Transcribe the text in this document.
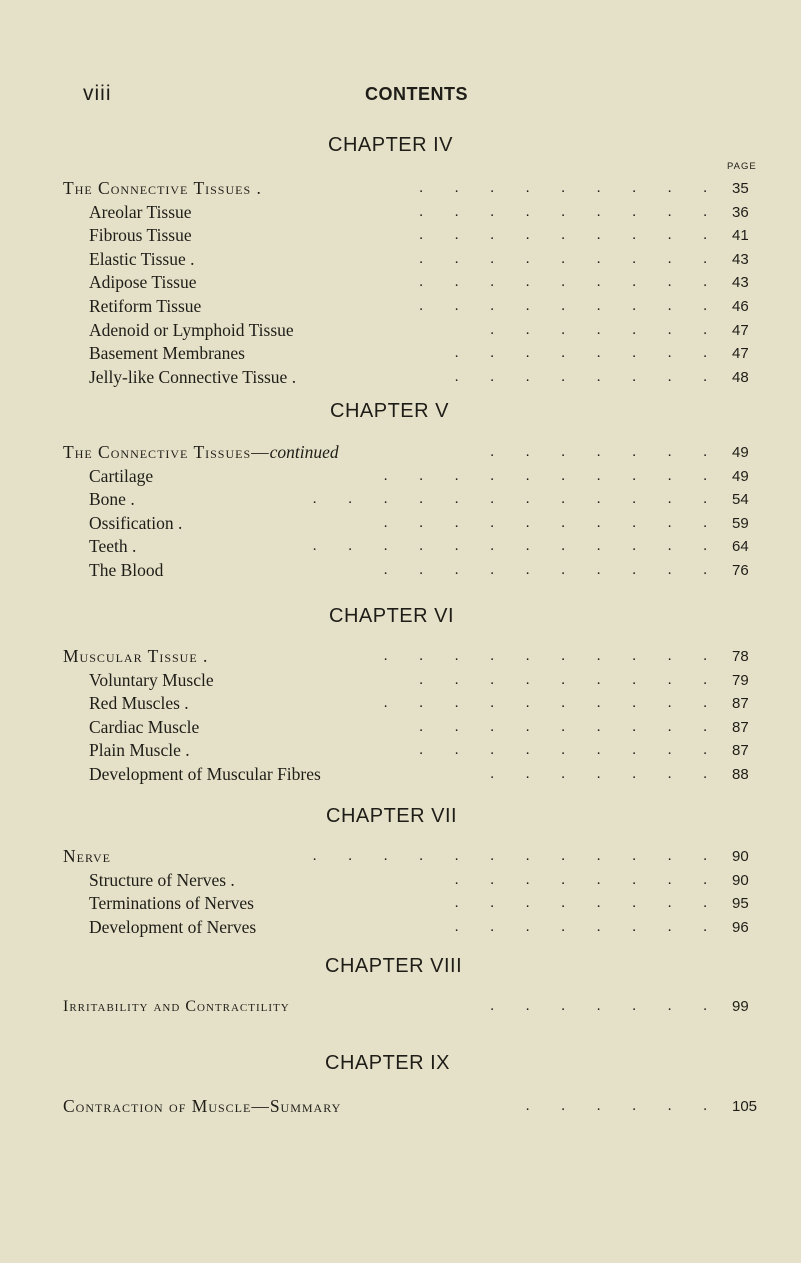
viii	CONTENTS
CHAPTER IV
PAGE
The Connective Tissues .	. . . . . . . . . 35
Areolar Tissue	. . . . . . . . . 36
Fibrous Tissue	. . . . . . . . . 41
Elastic Tissue .	. . . . . . . . . 43
Adipose Tissue	. . . . . . . . . 43
Retiform Tissue	. . . . . . . . . 46
Adenoid or Lymphoid Tissue	. . . . . . . 47
Basement Membranes	. . . . . . . . 47
Jelly-like Connective Tissue .	. . . . . . . . 48
CHAPTER V
The Connective Tissues—continued	. . . . . . . 49
Cartilage	. . . . . . . . . . 49
Bone .	. . . . . . . . . . . . 54
Ossification .	. . . . . . . . . . 59
Teeth .	. . . . . . . . . . . . 64
The Blood	. . . . . . . . . . 76
CHAPTER VI
Muscular Tissue .	. . . . . . . . . . 78
Voluntary Muscle	. . . . . . . . . 79
Red Muscles .	. . . . . . . . . . 87
Cardiac Muscle	. . . . . . . . . 87
Plain Muscle .	. . . . . . . . . 87
Development of Muscular Fibres	. . . . . . . 88
CHAPTER VII
Nerve	. . . . . . . . . . . . 90
Structure of Nerves .	. . . . . . . . 90
Terminations of Nerves	. . . . . . . . 95
Development of Nerves	. . . . . . . . 96
CHAPTER VIII
Irritability and Contractility	. . . . . . . 99
CHAPTER IX
Contraction of Muscle—Summary	. . . . . . 105
